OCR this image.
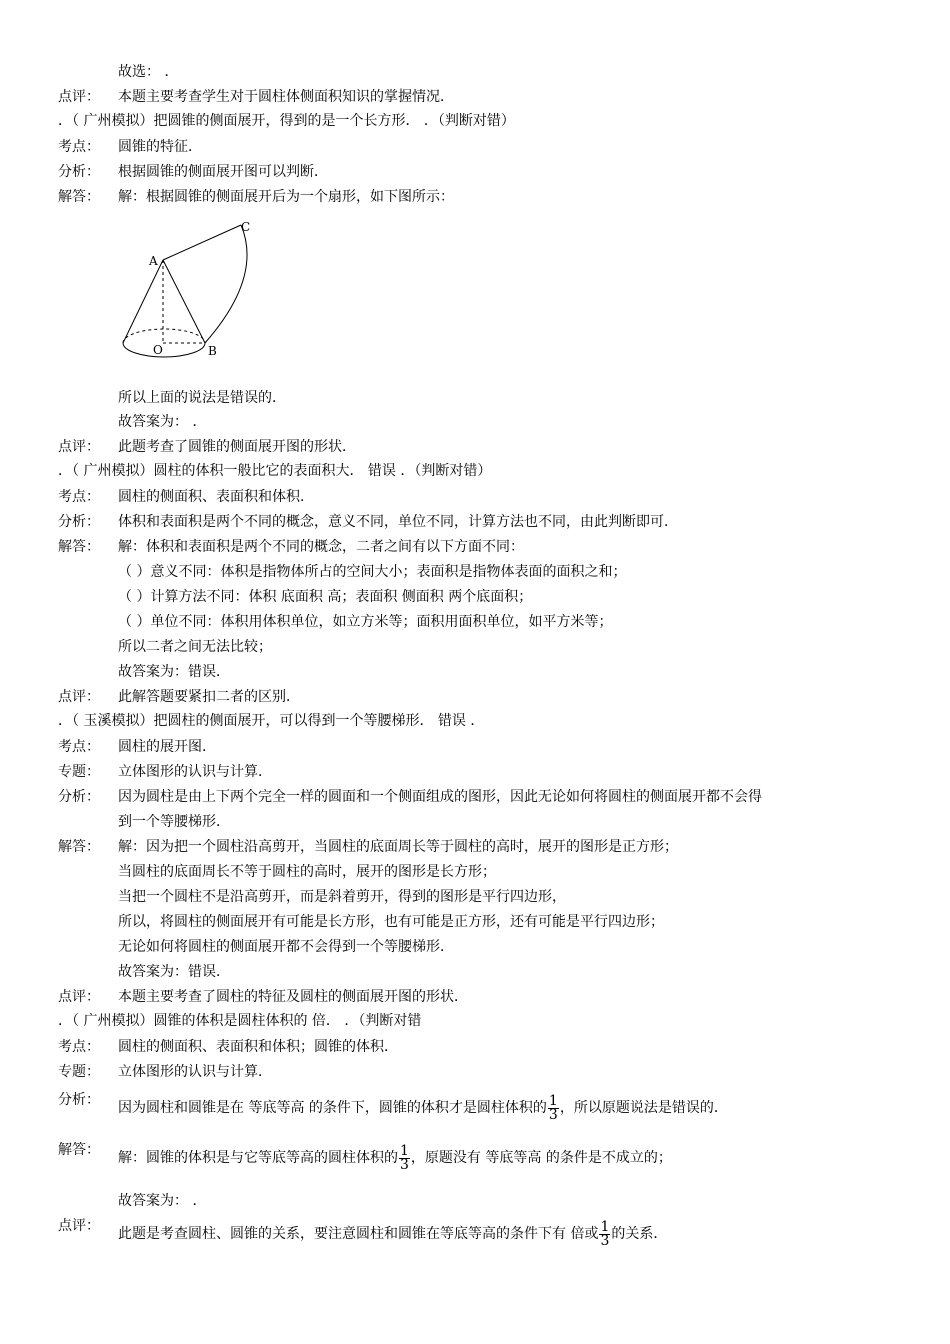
故选： ．
点评： 本题主要考查学生对于圆柱体侧面积知识的掌握情况．
．（ 广州模拟）把圆锥的侧面展开，得到的是一个长方形． ．（判断对错）
考点： 圆锥的特征．
分析： 根据圆锥的侧面展开图可以判断．
解答： 解：根据圆锥的侧面展开后为一个扇形，如下图所示：
A
C
B
O
所以上面的说法是错误的．
故答案为： ．
点评： 此题考查了圆锥的侧面展开图的形状．
．（ 广州模拟）圆柱的体积一般比它的表面积大． 错误 ．（判断对错）
考点： 圆柱的侧面积、表面积和体积．
分析： 体积和表面积是两个不同的概念，意义不同，单位不同，计算方法也不同，由此判断即可．
解答： 解：体积和表面积是两个不同的概念，二者之间有以下方面不同：
（ ）意义不同：体积是指物体所占的空间大小；表面积是指物体表面的面积之和；
（ ）计算方法不同：体积 底面积 高；表面积 侧面积 两个底面积；
（ ）单位不同：体积用体积单位，如立方米等；面积用面积单位，如平方米等；
所以二者之间无法比较；
故答案为：错误．
点评： 此解答题要紧扣二者的区别．
．（ 玉溪模拟）把圆柱的侧面展开，可以得到一个等腰梯形． 错误 ．
考点： 圆柱的展开图．
专题： 立体图形的认识与计算．
分析： 因为圆柱是由上下两个完全一样的圆面和一个侧面组成的图形，因此无论如何将圆柱的侧面展开都不会得
到一个等腰梯形．
解答： 解：因为把一个圆柱沿高剪开，当圆柱的底面周长等于圆柱的高时，展开的图形是正方形；
当圆柱的底面周长不等于圆柱的高时，展开的图形是长方形；
当把一个圆柱不是沿高剪开，而是斜着剪开，得到的图形是平行四边形，
所以，将圆柱的侧面展开有可能是长方形，也有可能是正方形，还有可能是平行四边形；
无论如何将圆柱的侧面展开都不会得到一个等腰梯形．
故答案为：错误．
点评： 本题主要考查了圆柱的特征及圆柱的侧面展开图的形状．
．（ 广州模拟）圆锥的体积是圆柱体积的 倍． ．（判断对错
考点： 圆柱的侧面积、表面积和体积；圆锥的体积．
专题： 立体图形的认识与计算．
分析： 因为圆柱和圆锥是在 等底等高 的条件下，圆锥的体积才是圆柱体积的 $\frac{1}{3}$ ，所以原题说法是错误的．
解答： 解：圆锥的体积是与它等底等高的圆柱体积的 $\frac{1}{3}$ ，原题没有 等底等高 的条件是不成立的；
故答案为： ．
点评： 此题是考查圆柱、圆锥的关系，要注意圆柱和圆锥在等底等高的条件下有 倍或 $\frac{1}{3}$ 的关系．
